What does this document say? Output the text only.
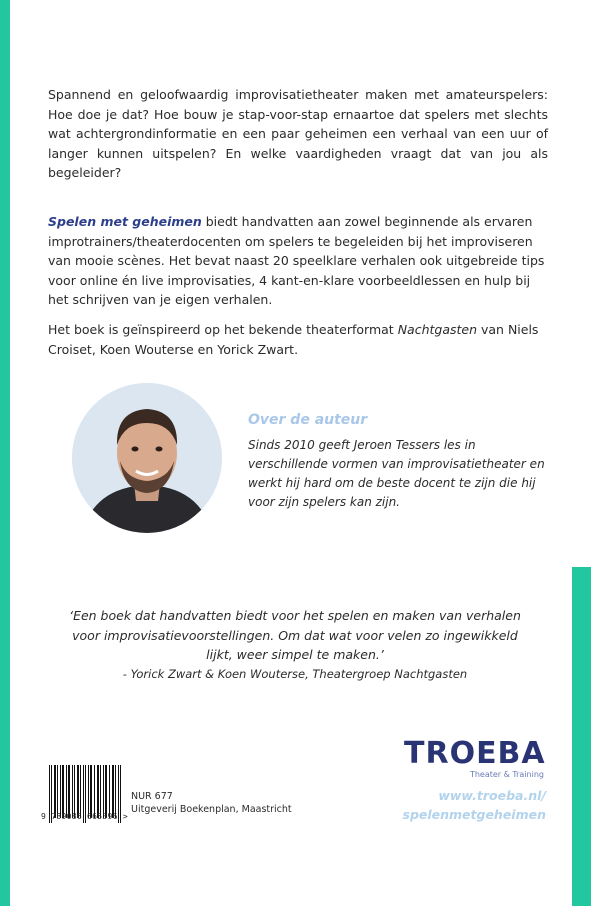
Spannend en geloofwaardig improvisatietheater maken met amateurspelers: Hoe doe je dat? Hoe bouw je stap-voor-stap ernaartoe dat spelers met slechts wat achtergrondinformatie en een paar geheimen een verhaal van een uur of langer kunnen uitspelen? En welke vaardigheden vraagt dat van jou als begeleider?

Spelen met geheimen biedt handvatten aan zowel beginnende als ervaren improtrainers/theaterdocenten om spelers te begeleiden bij het improviseren van mooie scènes. Het bevat naast 20 speelklare verhalen ook uitgebreide tips voor online én live improvisaties, 4 kant-en-klare voorbeeldlessen en hulp bij het schrijven van je eigen verhalen.

Het boek is geïnspireerd op het bekende theaterformat Nachtgasten van Niels Croiset, Koen Wouterse en Yorick Zwart.

Over de auteur

Sinds 2010 geeft Jeroen Tessers les in verschillende vormen van improvisatietheater en werkt hij hard om de beste docent te zijn die hij voor zijn spelers kan zijn.

‘Een boek dat handvatten biedt voor het spelen en maken van verhalen voor improvisatievoorstellingen. Om dat wat voor velen zo ingewikkeld lijkt, weer simpel te maken.’

- Yorick Zwart & Koen Wouterse, Theatergroep Nachtgasten

9 789086 665396 >
NUR 677
Uitgeverij Boekenplan, Maastricht
TROEBA
Theater & Training
www.troeba.nl/
spelenmetgeheimen
